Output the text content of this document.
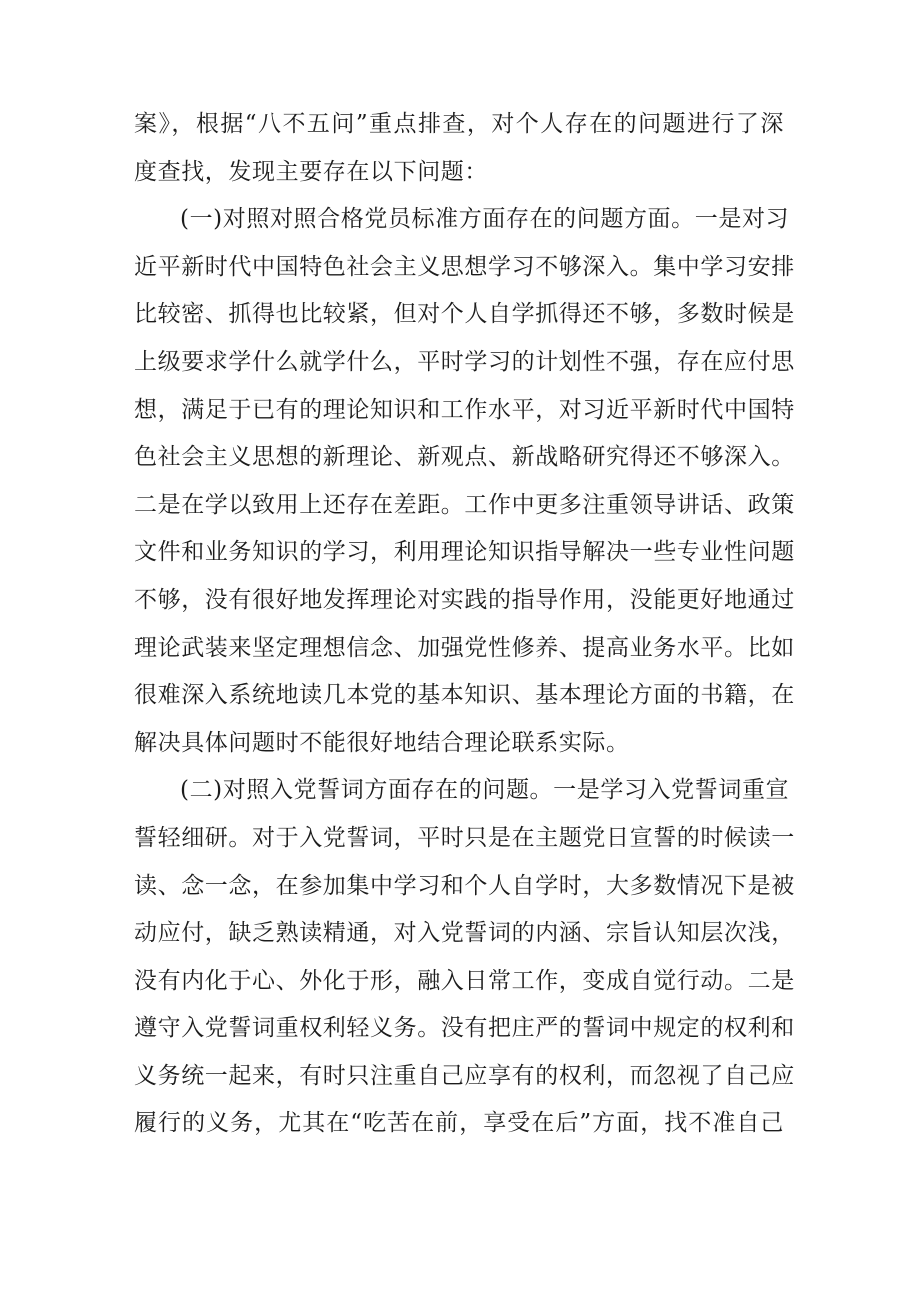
案》，根据“八不五问”重点排查，对个人存在的问题进行了深
度查找，发现主要存在以下问题：
(一)对照对照合格党员标准方面存在的问题方面。一是对习
近平新时代中国特色社会主义思想学习不够深入。集中学习安排
比较密、抓得也比较紧，但对个人自学抓得还不够，多数时候是
上级要求学什么就学什么，平时学习的计划性不强，存在应付思
想，满足于已有的理论知识和工作水平，对习近平新时代中国特
色社会主义思想的新理论、新观点、新战略研究得还不够深入。
二是在学以致用上还存在差距。工作中更多注重领导讲话、政策
文件和业务知识的学习，利用理论知识指导解决一些专业性问题
不够，没有很好地发挥理论对实践的指导作用，没能更好地通过
理论武装来坚定理想信念、加强党性修养、提高业务水平。比如
很难深入系统地读几本党的基本知识、基本理论方面的书籍，在
解决具体问题时不能很好地结合理论联系实际。
(二)对照入党誓词方面存在的问题。一是学习入党誓词重宣
誓轻细研。对于入党誓词，平时只是在主题党日宣誓的时候读一
读、念一念，在参加集中学习和个人自学时，大多数情况下是被
动应付，缺乏熟读精通，对入党誓词的内涵、宗旨认知层次浅，
没有内化于心、外化于形，融入日常工作，变成自觉行动。二是
遵守入党誓词重权利轻义务。没有把庄严的誓词中规定的权利和
义务统一起来，有时只注重自己应享有的权利，而忽视了自己应
履行的义务，尤其在“吃苦在前，享受在后”方面，找不准自己
